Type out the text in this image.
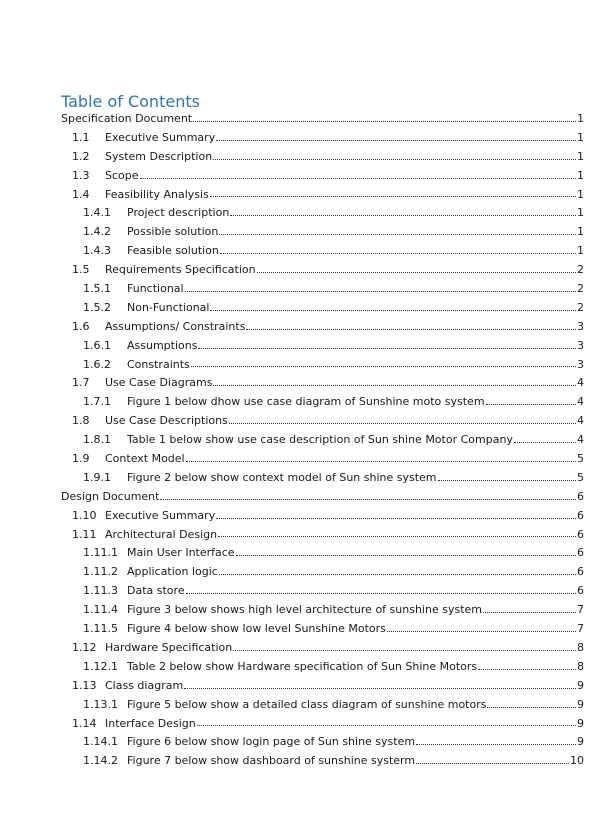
Table of Contents
Specification Document	1
1.1	Executive Summary	1
1.2	System Description	1
1.3	Scope	1
1.4	Feasibility Analysis	1
1.4.1	Project description	1
1.4.2	Possible solution	1
1.4.3	Feasible solution	1
1.5	Requirements Specification	2
1.5.1	Functional	2
1.5.2	Non-Functional	2
1.6	Assumptions/ Constraints	3
1.6.1	Assumptions	3
1.6.2	Constraints	3
1.7	Use Case Diagrams	4
1.7.1	Figure 1 below dhow use case diagram of Sunshine moto system	4
1.8	Use Case Descriptions	4
1.8.1	Table 1 below show use case description of Sun shine Motor Company	4
1.9	Context Model	5
1.9.1	Figure 2 below show context model of Sun shine system	5
Design Document	6
1.10 Executive Summary	6
1.11 Architectural Design	6
1.11.1 Main User Interface	6
1.11.2 Application logic	6
1.11.3 Data store	6
1.11.4 Figure 3 below shows high level architecture of sunshine system	7
1.11.5 Figure 4 below show low level Sunshine Motors	7
1.12 Hardware Specification	8
1.12.1 Table 2 below show Hardware specification of Sun Shine Motors	8
1.13 Class diagram	9
1.13.1 Figure 5 below show a detailed class diagram of sunshine motors	9
1.14 Interface Design	9
1.14.1 Figure 6 below show login page of Sun shine system	9
1.14.2 Figure 7 below show dashboard of sunshine systerm	10
